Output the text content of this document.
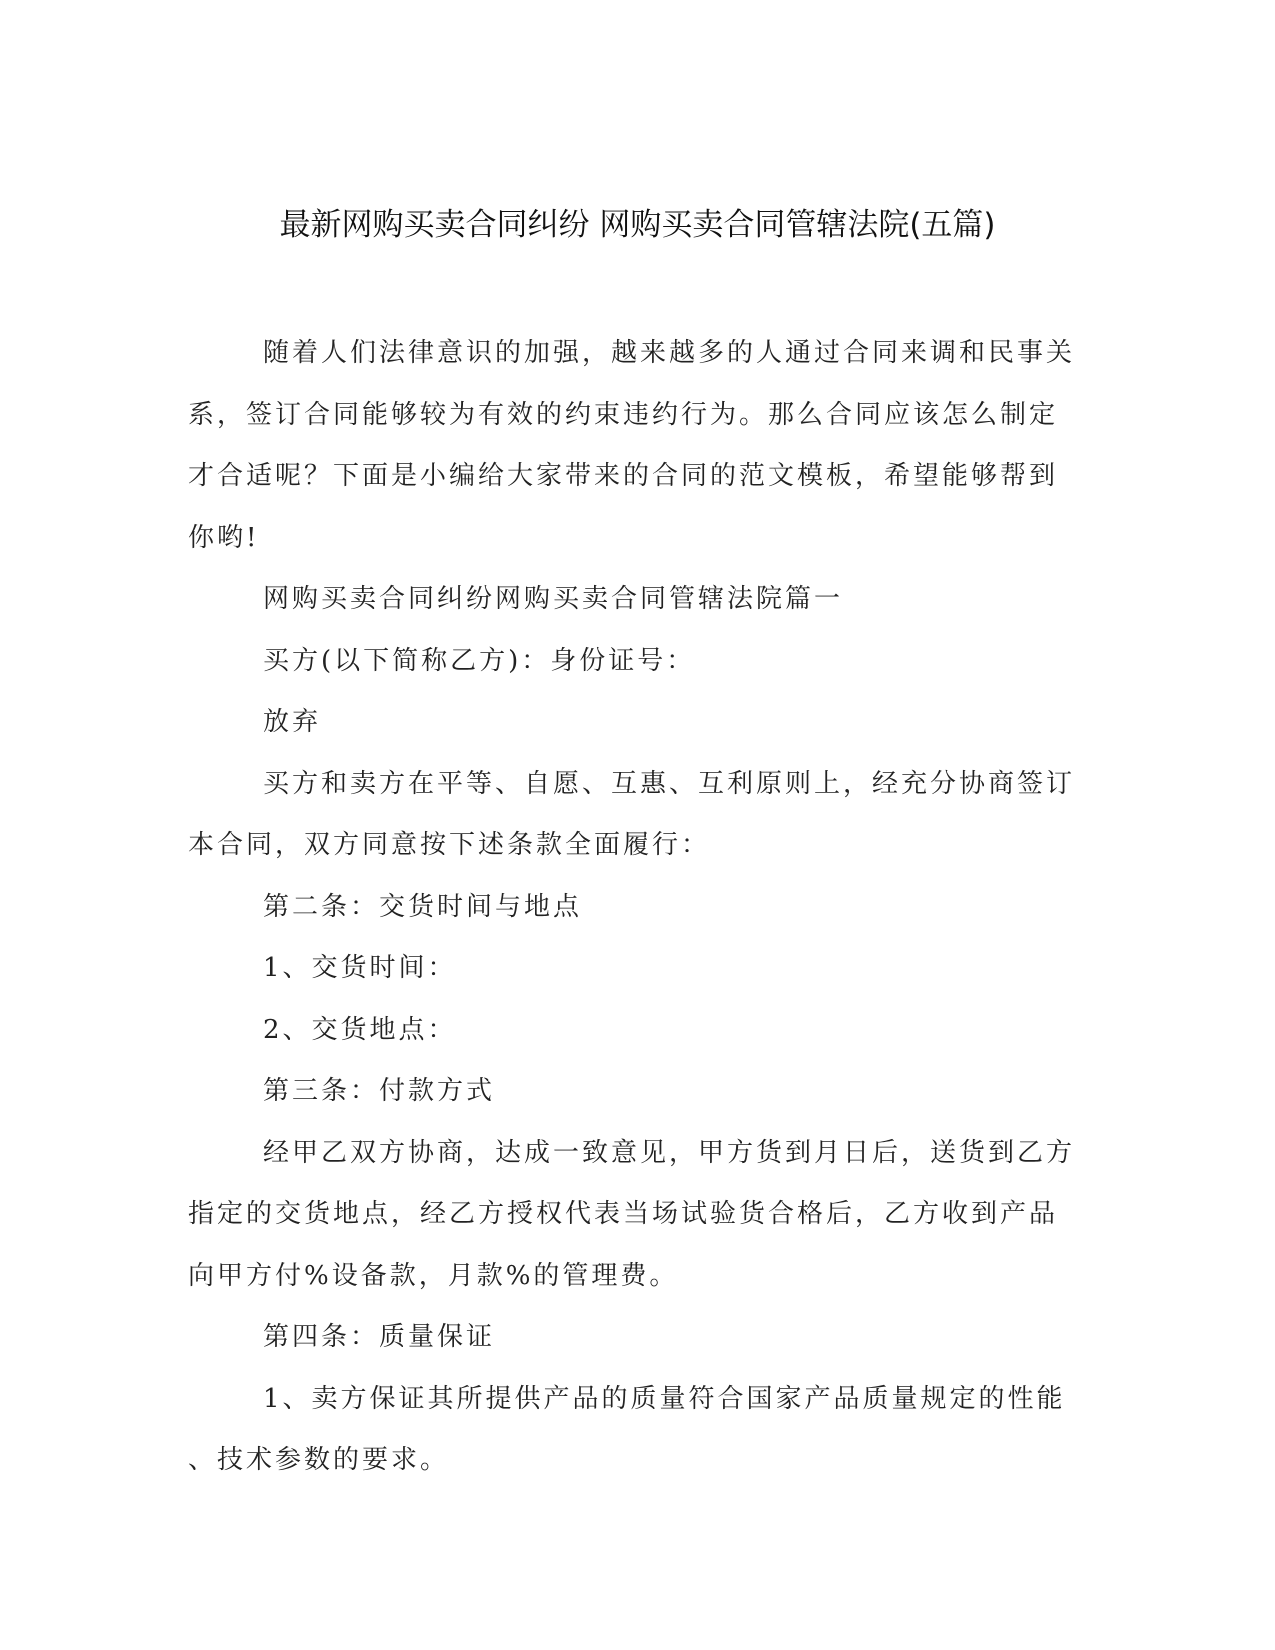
最新网购买卖合同纠纷 网购买卖合同管辖法院(五篇)
随着人们法律意识的加强，越来越多的人通过合同来调和民事关
系，签订合同能够较为有效的约束违约行为。那么合同应该怎么制定
才合适呢？下面是小编给大家带来的合同的范文模板，希望能够帮到
你哟!
网购买卖合同纠纷网购买卖合同管辖法院篇一
买方(以下简称乙方)：身份证号：
放弃
买方和卖方在平等、自愿、互惠、互利原则上，经充分协商签订
本合同，双方同意按下述条款全面履行：
第二条：交货时间与地点
1、交货时间：
2、交货地点：
第三条：付款方式
经甲乙双方协商，达成一致意见，甲方货到月日后，送货到乙方
指定的交货地点，经乙方授权代表当场试验货合格后，乙方收到产品
向甲方付%设备款，月款%的管理费。
第四条：质量保证
1、卖方保证其所提供产品的质量符合国家产品质量规定的性能
、技术参数的要求。
